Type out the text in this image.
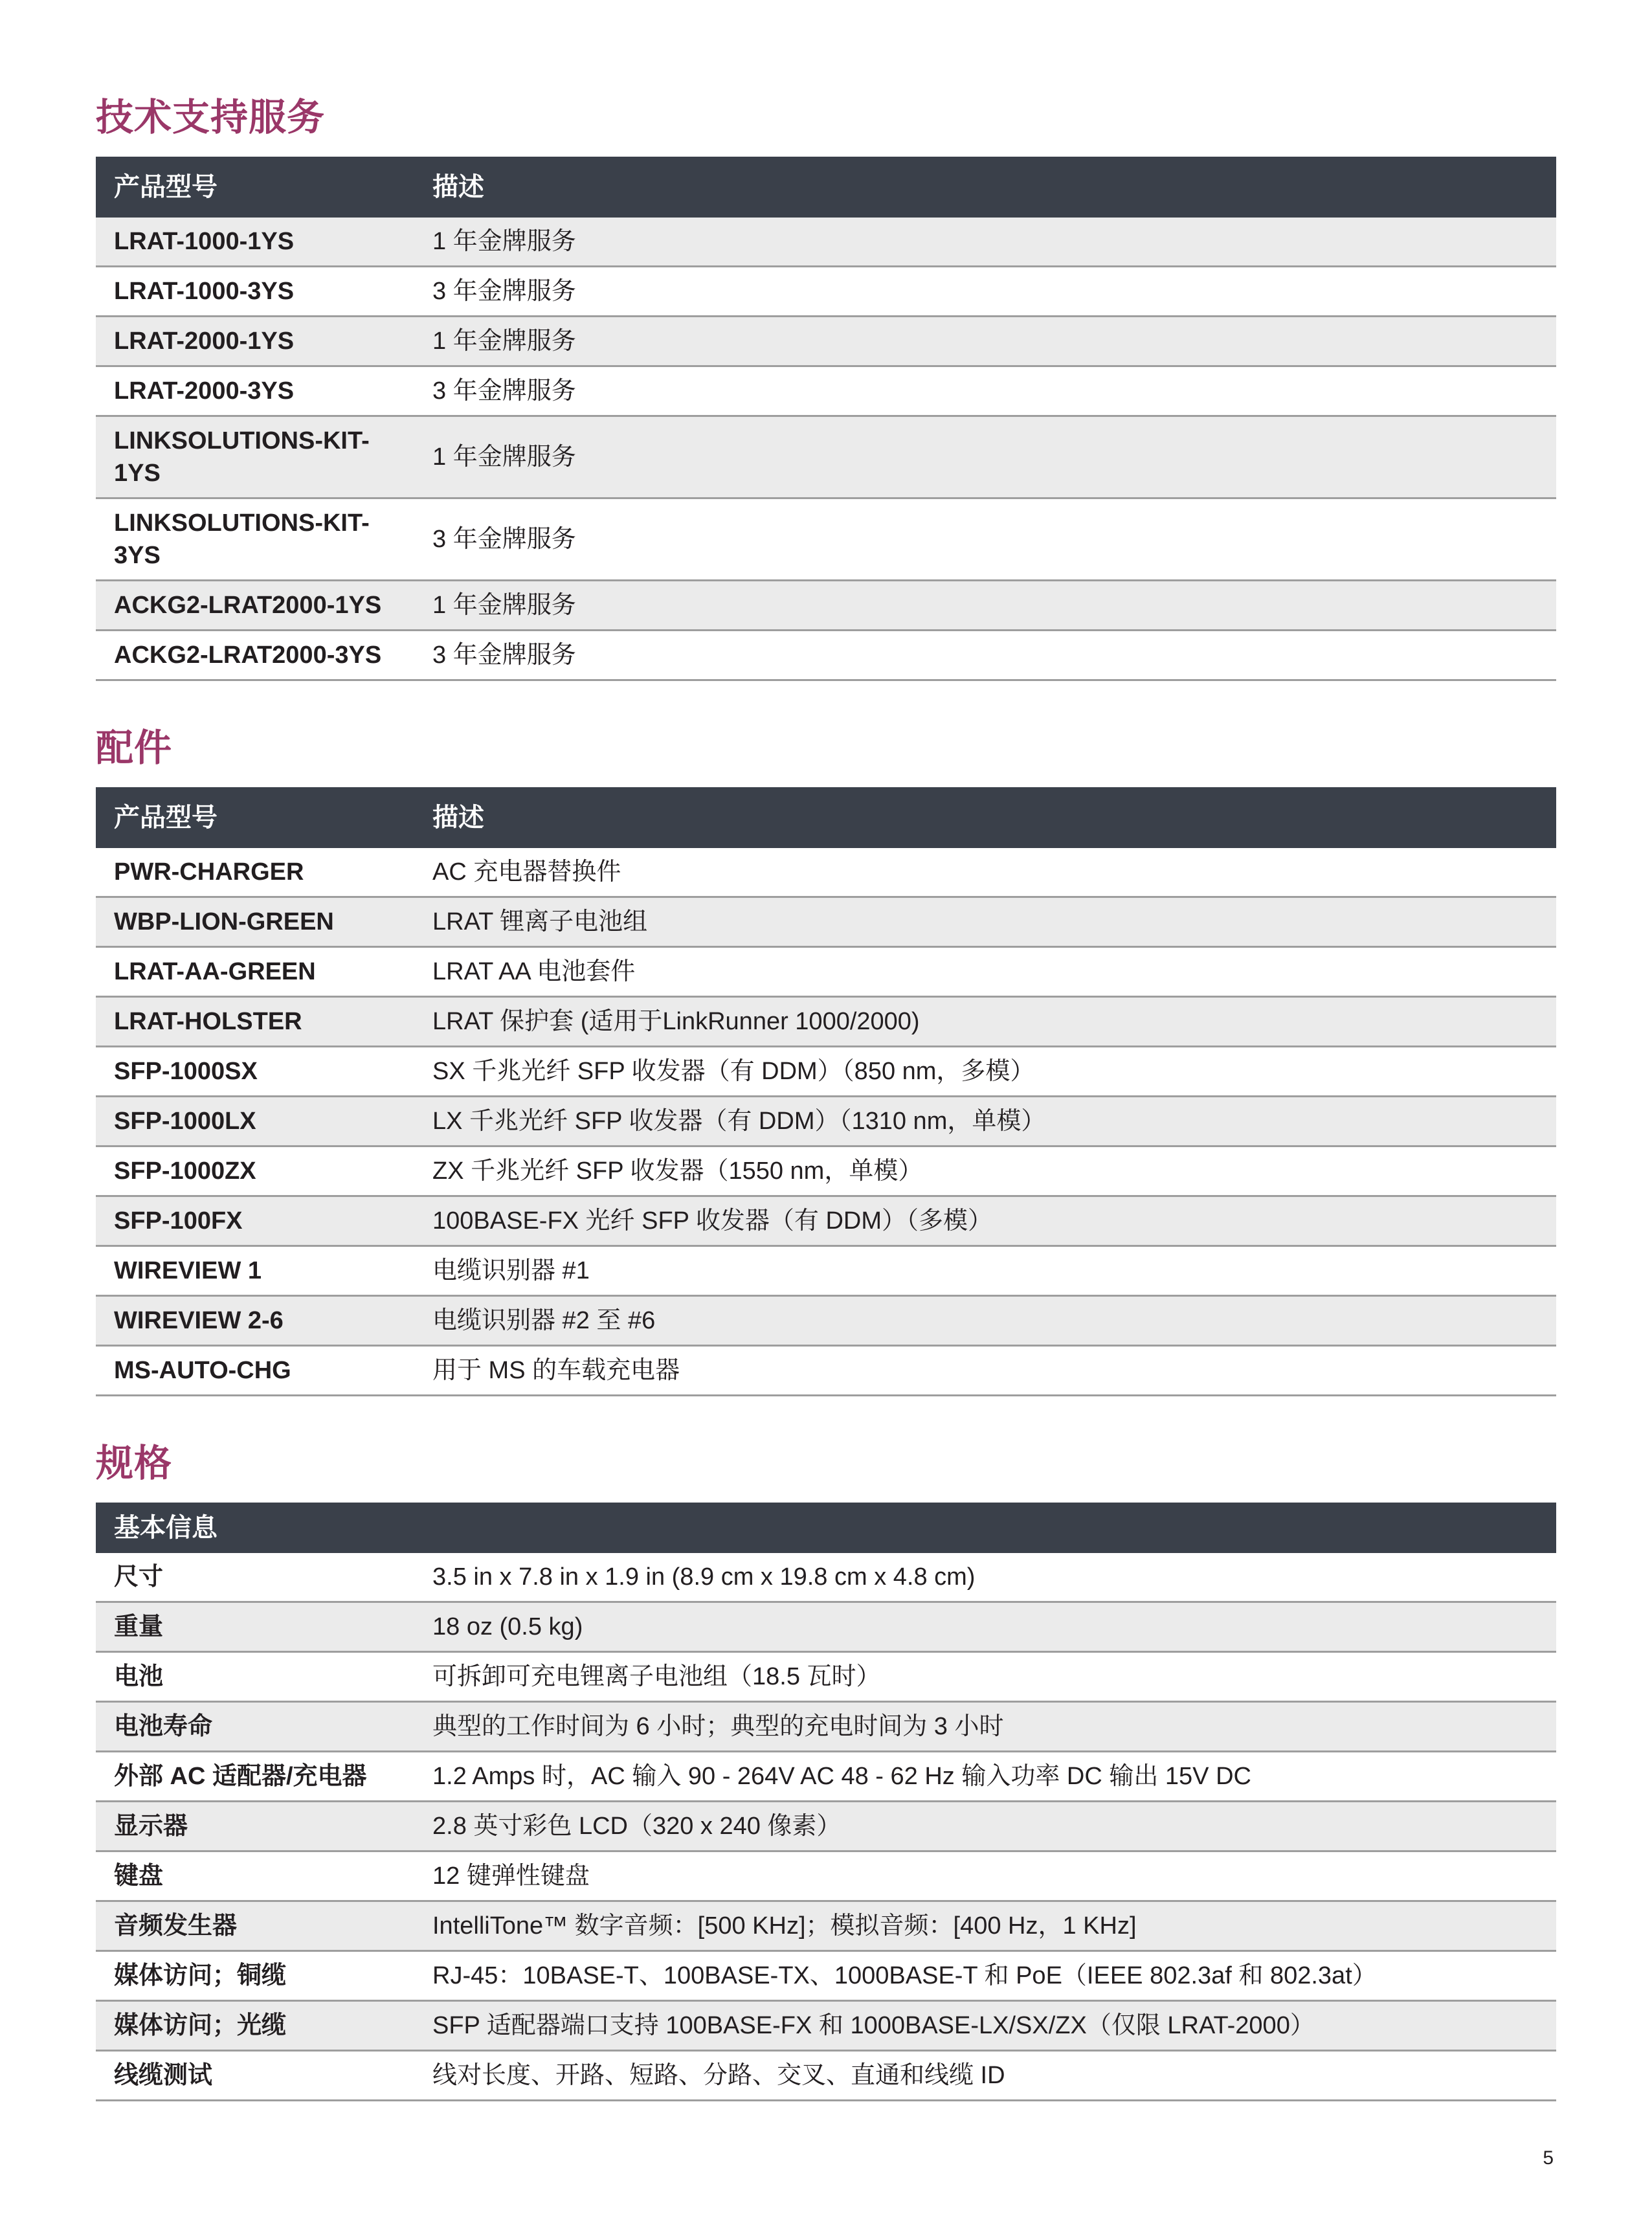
技术支持服务
产品型号	描述
LRAT-1000-1YS	1 年金牌服务
LRAT-1000-3YS	3 年金牌服务
LRAT-2000-1YS	1 年金牌服务
LRAT-2000-3YS	3 年金牌服务
LINKSOLUTIONS-KIT-1YS	1 年金牌服务
LINKSOLUTIONS-KIT-3YS	3 年金牌服务
ACKG2-LRAT2000-1YS	1 年金牌服务
ACKG2-LRAT2000-3YS	3 年金牌服务
配件
产品型号	描述
PWR-CHARGER	AC 充电器替换件
WBP-LION-GREEN	LRAT 锂离子电池组
LRAT-AA-GREEN	LRAT AA 电池套件
LRAT-HOLSTER	LRAT 保护套 (适用于LinkRunner 1000/2000)
SFP-1000SX	SX 千兆光纤 SFP 收发器（有 DDM）（850 nm，多模）
SFP-1000LX	LX 千兆光纤 SFP 收发器（有 DDM）（1310 nm，单模）
SFP-1000ZX	ZX 千兆光纤 SFP 收发器（1550 nm，单模）
SFP-100FX	100BASE-FX 光纤 SFP 收发器（有 DDM）（多模）
WIREVIEW 1	电缆识别器 #1
WIREVIEW 2-6	电缆识别器 #2 至 #6
MS-AUTO-CHG	用于 MS 的车载充电器
规格
基本信息	
尺寸	3.5 in x 7.8 in x 1.9 in (8.9 cm x 19.8 cm x 4.8 cm)
重量	18 oz (0.5 kg)
电池	可拆卸可充电锂离子电池组（18.5 瓦时）
电池寿命	典型的工作时间为 6 小时；典型的充电时间为 3 小时
外部 AC 适配器/充电器	1.2 Amps 时，AC 输入 90 - 264V AC 48 - 62 Hz 输入功率 DC 输出 15V DC
显示器	2.8 英寸彩色 LCD（320 x 240 像素）
键盘	12 键弹性键盘
音频发生器	IntelliTone™ 数字音频：[500 KHz]；模拟音频：[400 Hz，1 KHz]
媒体访问；铜缆	RJ-45：10BASE-T、100BASE-TX、1000BASE-T 和 PoE（IEEE 802.3af 和 802.3at）
媒体访问；光缆	SFP 适配器端口支持 100BASE-FX 和 1000BASE-LX/SX/ZX（仅限 LRAT-2000）
线缆测试	线对长度、开路、短路、分路、交叉、直通和线缆 ID
5
